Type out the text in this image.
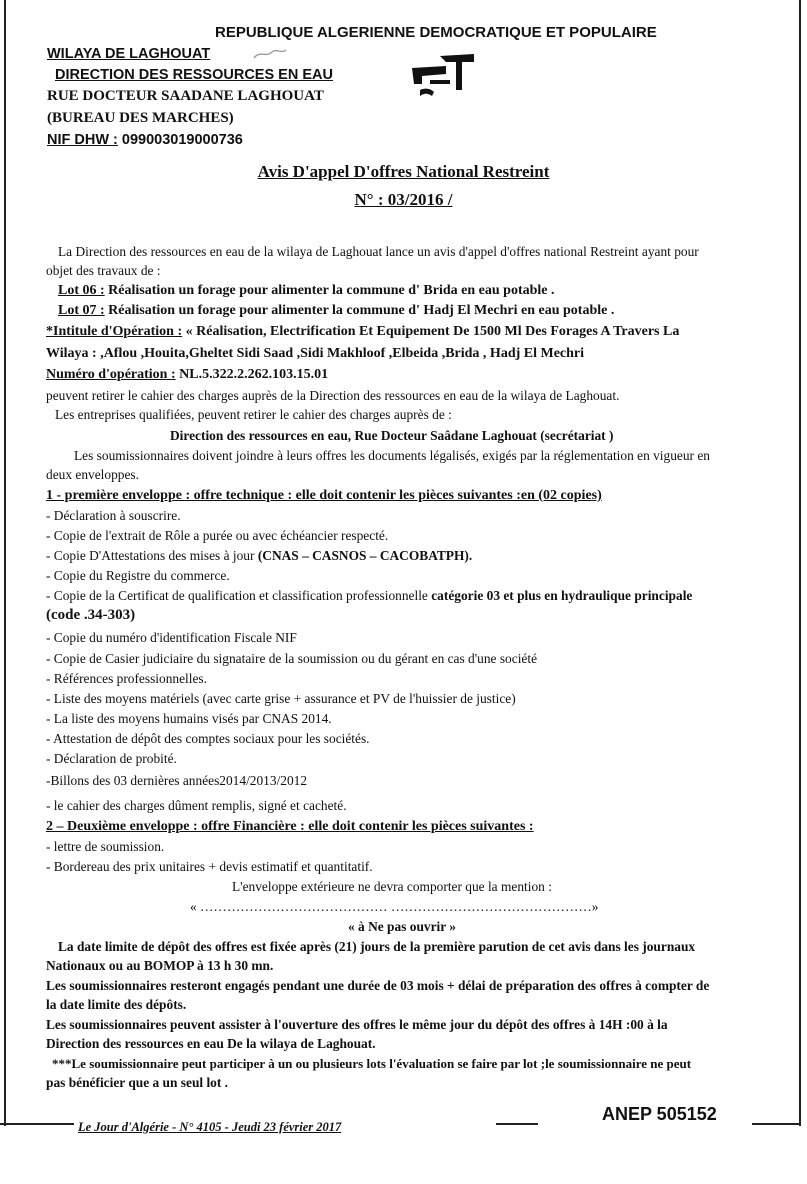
REPUBLIQUE ALGERIENNE DEMOCRATIQUE ET POPULAIRE
WILAYA DE LAGHOUAT
DIRECTION DES RESSOURCES EN EAU
RUE DOCTEUR SAADANE LAGHOUAT
(BUREAU DES MARCHES)
NIF DHW : 099003019000736
Avis D'appel D'offres National Restreint
N° : 03/2016 /
La Direction des ressources en eau de la wilaya de Laghouat lance un avis d'appel d'offres national Restreint ayant pour
objet des travaux de :
Lot 06 : Réalisation un forage pour alimenter la commune d' Brida en eau potable .
Lot 07 : Réalisation un forage pour alimenter la commune d' Hadj El Mechri en eau potable .
*Intitule d'Opération : « Réalisation, Electrification Et Equipement De 1500 Ml Des Forages A Travers La
Wilaya : ,Aflou ,Houita,Gheltet Sidi Saad ,Sidi Makhloof ,Elbeida ,Brida , Hadj El Mechri
Numéro d'opération : NL.5.322.2.262.103.15.01
peuvent retirer le cahier des charges auprès de la Direction des ressources en eau de la wilaya de Laghouat.
Les entreprises qualifiées, peuvent retirer le cahier des charges auprès de :
Direction des ressources en eau, Rue Docteur Saâdane Laghouat (secrétariat )
Les soumissionnaires doivent joindre à leurs offres les documents légalisés, exigés par la réglementation en vigueur en
deux enveloppes.
1 - première enveloppe : offre technique : elle doit contenir les pièces suivantes :en (02 copies)
- Déclaration à souscrire.
- Copie de l'extrait de Rôle a purée ou avec échéancier respecté.
- Copie D'Attestations des mises à jour (CNAS – CASNOS – CACOBATPH).
- Copie du Registre du commerce.
- Copie de la Certificat de qualification et classification professionnelle catégorie 03 et plus en hydraulique principale
(code .34-303)
- Copie du numéro d'identification Fiscale NIF
- Copie de Casier judiciaire du signataire de la soumission ou du gérant en cas d'une société
- Références professionnelles.
- Liste des moyens matériels (avec carte grise + assurance et PV de l'huissier de justice)
- La liste des moyens humains visés par CNAS 2014.
- Attestation de dépôt des comptes sociaux pour les sociétés.
- Déclaration de probité.
-Billons des 03 dernières années2014/2013/2012
- le cahier des charges dûment remplis, signé et cacheté.
2 – Deuxième enveloppe : offre Financière : elle doit contenir les pièces suivantes :
- lettre de soumission.
- Bordereau des prix unitaires + devis estimatif et quantitatif.
L'enveloppe extérieure ne devra comporter que la mention :
« …………………………………… ………………………………………»
« à Ne pas ouvrir »
La date limite de dépôt des offres est fixée après (21) jours de la première parution de cet avis dans les journaux
Nationaux ou au BOMOP à 13 h 30 mn.
Les soumissionnaires resteront engagés pendant une durée de 03 mois + délai de préparation des offres à compter de
la date limite des dépôts.
Les soumissionnaires peuvent assister à l'ouverture des offres le même jour du dépôt des offres à 14H :00 à la
Direction des ressources en eau De la wilaya de Laghouat.
***Le soumissionnaire peut participer à un ou plusieurs lots l'évaluation se faire par lot ;le soumissionnaire ne peut
pas bénéficier que a un seul lot .
Le Jour d'Algérie - N° 4105 - Jeudi 23 février 2017
ANEP 505152
